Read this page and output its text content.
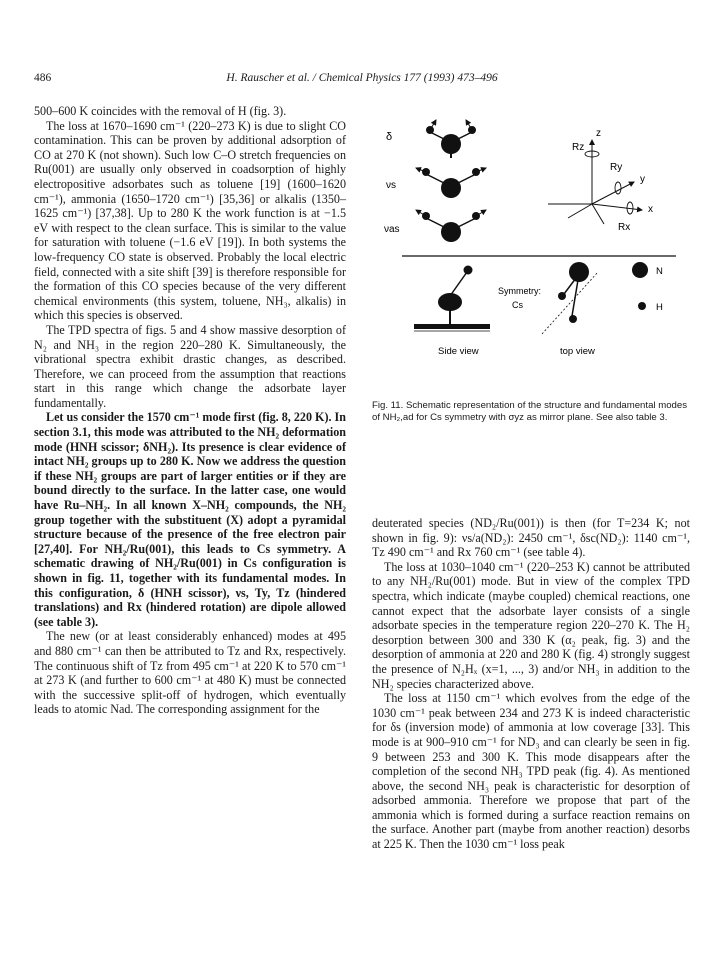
486	H. Rauscher et al. / Chemical Physics 177 (1993) 473–496

500–600 K coincides with the removal of H (fig. 3).

The loss at 1670–1690 cm⁻¹ (220–273 K) is due to slight CO contamination. This can be proven by additional adsorption of CO at 270 K (not shown). Such low C–O stretch frequencies on Ru(001) are usually only observed in coadsorption of highly electropositive adsorbates such as toluene [19] (1600–1620 cm⁻¹), ammonia (1650–1720 cm⁻¹) [35,36] or alkalis (1350–1625 cm⁻¹) [37,38]. Up to 280 K the work function is at −1.5 eV with respect to the clean surface. This is similar to the value for saturation with toluene (−1.6 eV [19]). In both systems the low-frequency CO state is observed. Probably the local electric field, connected with a site shift [39] is therefore responsible for the formation of this CO species because of the very different chemical environments (this system, toluene, NH₃, alkalis) in which this species is observed.

The TPD spectra of figs. 5 and 4 show massive desorption of N₂ and NH₃ in the region 220–280 K. Simultaneously, the vibrational spectra exhibit drastic changes, as described. Therefore, we can proceed from the assumption that reactions start in this range which change the adsorbate layer fundamentally.

Let us consider the 1570 cm⁻¹ mode first (fig. 8, 220 K). In section 3.1, this mode was attributed to the NH₂ deformation mode (HNH scissor; δNH₂). Its presence is clear evidence of intact NH₂ groups up to 280 K. Now we address the question if these NH₂ groups are part of larger entities or if they are bound directly to the surface. In the latter case, one would have Ru–NH₂. In all known X–NH₂ compounds, the NH₂ group together with the substituent (X) adopt a pyramidal structure because of the presence of the free electron pair [27,40]. For NH₂/Ru(001), this leads to Cs symmetry. A schematic drawing of NH₂/Ru(001) in Cs configuration is shown in fig. 11, together with its fundamental modes. In this configuration, δ (HNH scissor), νs, Ty, Tz (hindered translations) and Rx (hindered rotation) are dipole allowed (see table 3).

The new (or at least considerably enhanced) modes at 495 and 880 cm⁻¹ can then be attributed to Tz and Rx, respectively. The continuous shift of Tz from 495 cm⁻¹ at 220 K to 570 cm⁻¹ at 273 K (and further to 600 cm⁻¹ at 480 K) must be connected with the successive split-off of hydrogen, which eventually leads to atomic Nad. The corresponding assignment for the

δ
νs
νas
z
y
x
Rz
Ry
Rx
Side view
Symmetry:
Cs
top view
N
H
Fig. 11. Schematic representation of the structure and fundamental modes of NH₂,ad for Cs symmetry with σyz as mirror plane. See also table 3.

deuterated species (ND₂/Ru(001)) is then (for T=234 K; not shown in fig. 9): νs/a(ND₂): 2450 cm⁻¹, δsc(ND₂): 1140 cm⁻¹, Tz 490 cm⁻¹ and Rx 760 cm⁻¹ (see table 4).

The loss at 1030–1040 cm⁻¹ (220–253 K) cannot be attributed to any NH₂/Ru(001) mode. But in view of the complex TPD spectra, which indicate (maybe coupled) chemical reactions, one cannot expect that the adsorbate layer consists of a single adsorbate species in the temperature region 220–270 K. The H₂ desorption between 300 and 330 K (α₂ peak, fig. 3) and the desorption of ammonia at 220 and 280 K (fig. 4) strongly suggest the presence of N₂Hₓ (x=1, ..., 3) and/or NH₃ in addition to the NH₂ species characterized above.

The loss at 1150 cm⁻¹ which evolves from the edge of the 1030 cm⁻¹ peak between 234 and 273 K is indeed characteristic for δs (inversion mode) of ammonia at low coverage [33]. This mode is at 900–910 cm⁻¹ for ND₃ and can clearly be seen in fig. 9 between 253 and 300 K. This mode disappears after the completion of the second NH₃ TPD peak (fig. 4). As mentioned above, the second NH₃ peak is characteristic for desorption of adsorbed ammonia. Therefore we propose that part of the ammonia which is formed during a surface reaction remains on the surface. Another part (maybe from another reaction) desorbs at 225 K. Then the 1030 cm⁻¹ loss peak
